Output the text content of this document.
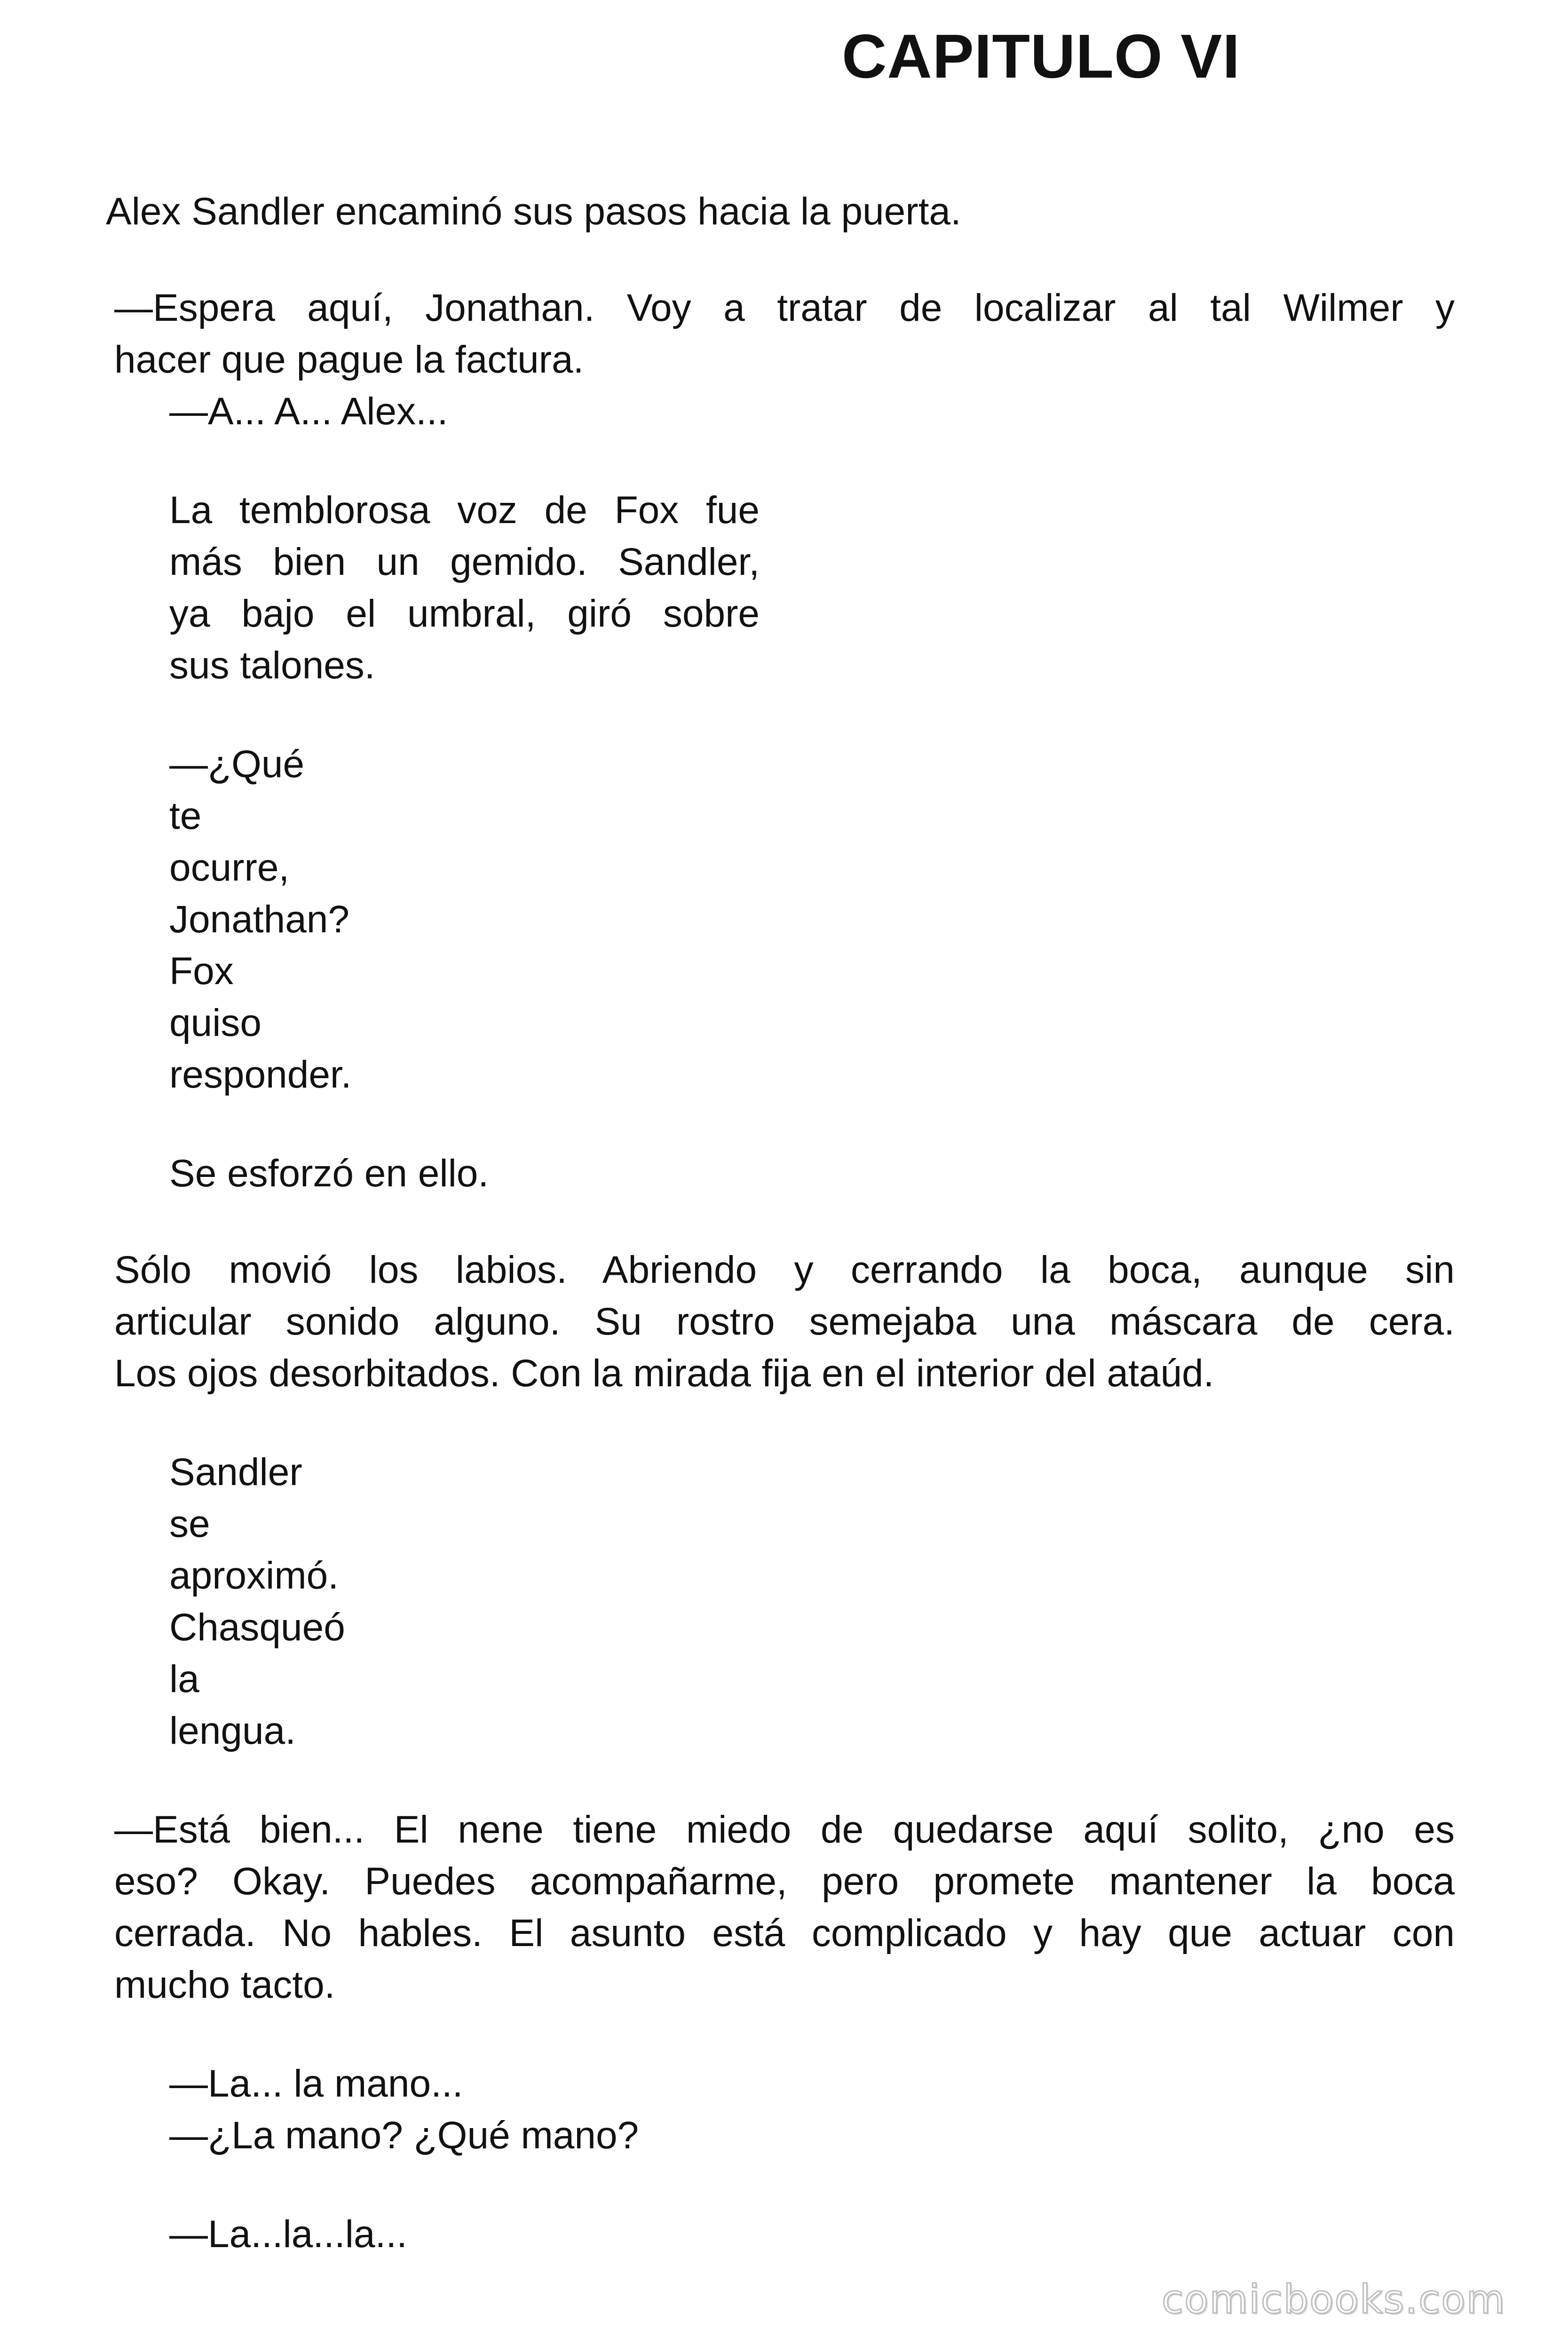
CAPITULO VI

Alex Sandler encaminó sus pasos hacia la puerta.

—Espera aquí, Jonathan. Voy a tratar de localizar al tal Wilmer y

hacer que pague la factura.

—A... A... Alex...

La temblorosa voz de Fox fue

más bien un gemido. Sandler,

ya bajo el umbral, giró sobre

sus talones.

—¿Qué

te

ocurre,

Jonathan?

Fox

quiso

responder.

Se esforzó en ello.

Sólo movió los labios. Abriendo y cerrando la boca, aunque sin

articular sonido alguno. Su rostro semejaba una máscara de cera.

Los ojos desorbitados. Con la mirada fija en el interior del ataúd.

Sandler

se

aproximó.

Chasqueó

la

lengua.

—Está bien... El nene tiene miedo de quedarse aquí solito, ¿no es

eso? Okay. Puedes acompañarme, pero promete mantener la boca

cerrada. No hables. El asunto está complicado y hay que actuar con

mucho tacto.

—La... la mano...

—¿La mano? ¿Qué mano?

—La...la...la...

comicbooks.com
